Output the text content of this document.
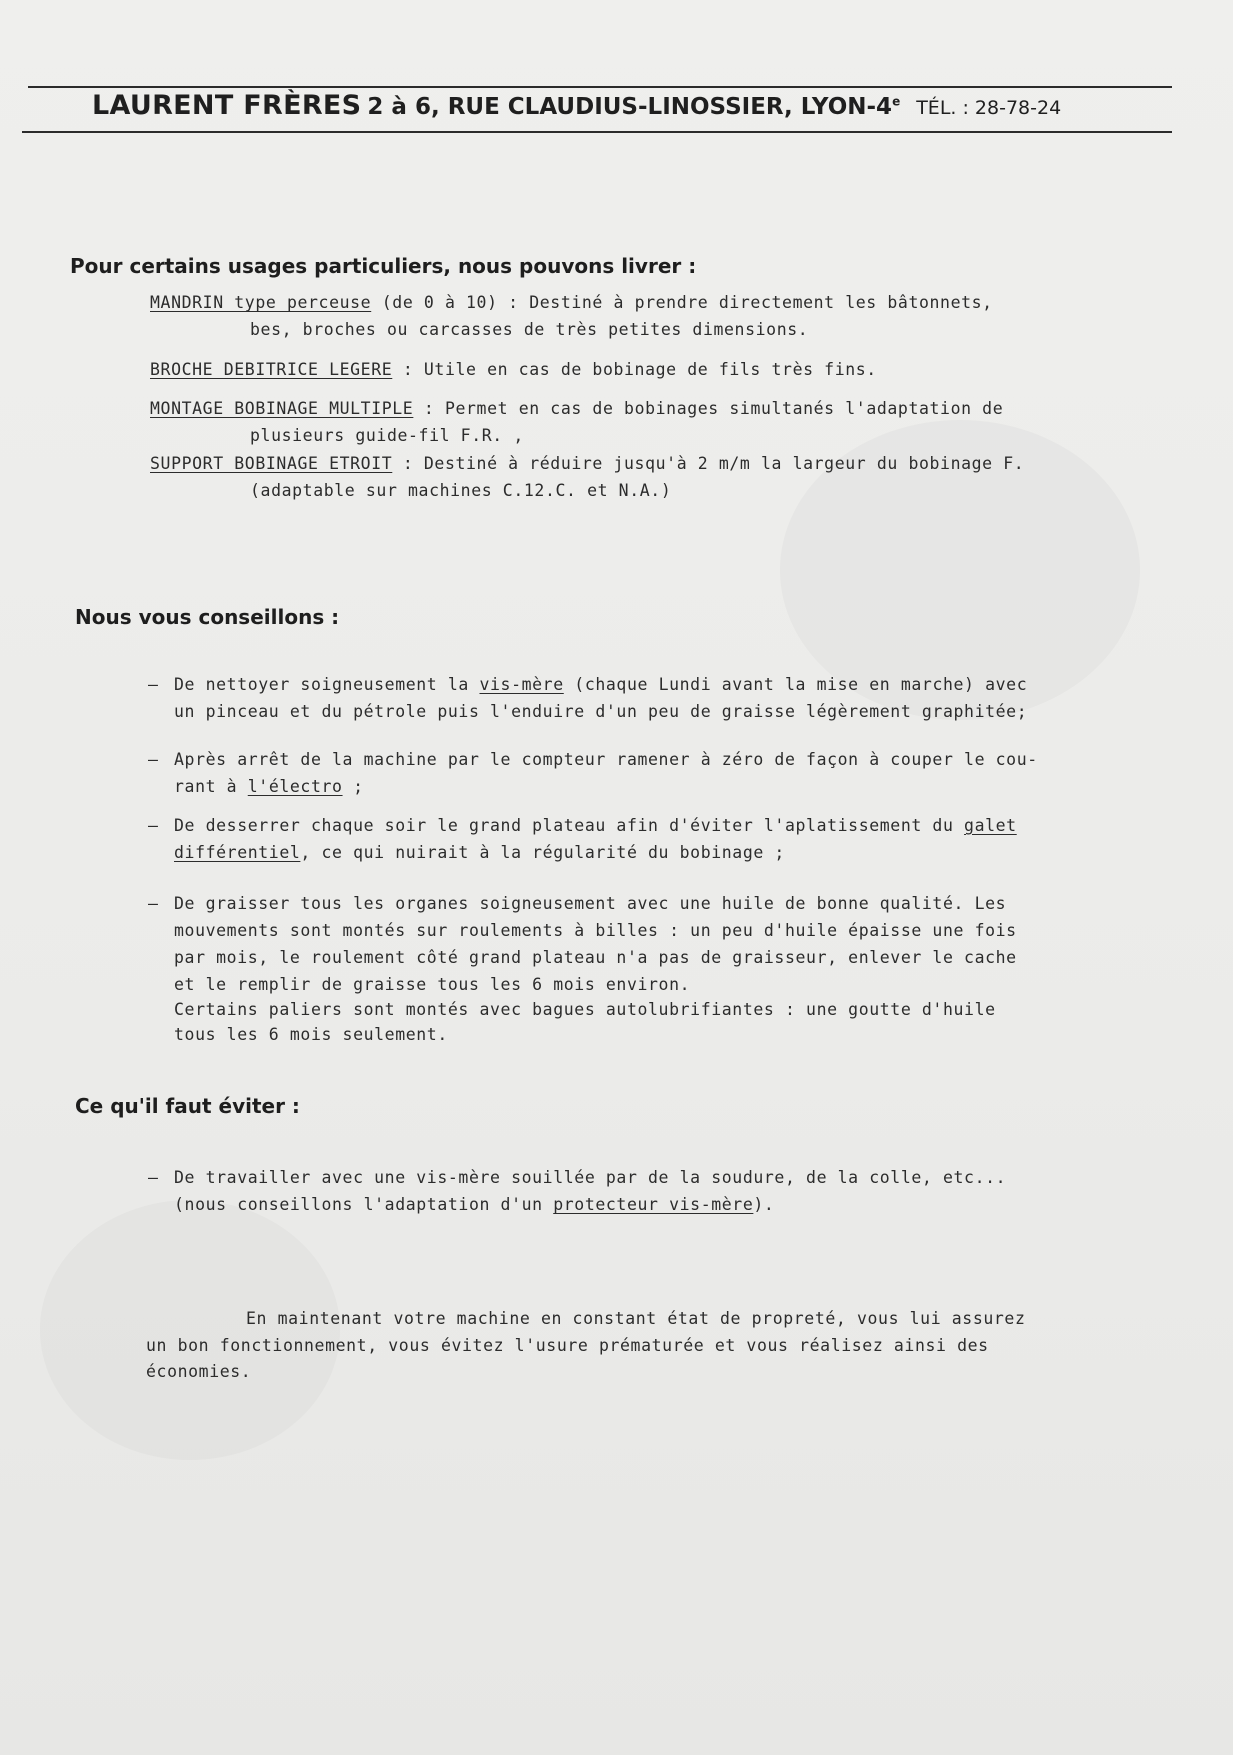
LAURENT FRÈRES 2 à 6, RUE CLAUDIUS-LINOSSIER, LYON-4e TÉL. : 28-78-24
Pour certains usages particuliers, nous pouvons livrer :
MANDRIN type perceuse (de 0 à 10) : Destiné à prendre directement les bâtonnets,
bes, broches ou carcasses de très petites dimensions.
BROCHE DEBITRICE LEGERE : Utile en cas de bobinage de fils très fins.
MONTAGE BOBINAGE MULTIPLE : Permet en cas de bobinages simultanés l'adaptation de
plusieurs guide-fil F.R. ,
SUPPORT BOBINAGE ETROIT : Destiné à réduire jusqu'à 2 m/m la largeur du bobinage F.
(adaptable sur machines C.12.C. et N.A.)
Nous vous conseillons :
– De nettoyer soigneusement la vis-mère (chaque Lundi avant la mise en marche) avec
un pinceau et du pétrole puis l'enduire d'un peu de graisse légèrement graphitée;
– Après arrêt de la machine par le compteur ramener à zéro de façon à couper le cou-
rant à l'électro ;
– De desserrer chaque soir le grand plateau afin d'éviter l'aplatissement du galet
différentiel, ce qui nuirait à la régularité du bobinage ;
– De graisser tous les organes soigneusement avec une huile de bonne qualité. Les
mouvements sont montés sur roulements à billes : un peu d'huile épaisse une fois
par mois, le roulement côté grand plateau n'a pas de graisseur, enlever le cache
et le remplir de graisse tous les 6 mois environ.
Certains paliers sont montés avec bagues autolubrifiantes : une goutte d'huile
tous les 6 mois seulement.
Ce qu'il faut éviter :
– De travailler avec une vis-mère souillée par de la soudure, de la colle, etc...
(nous conseillons l'adaptation d'un protecteur vis-mère).
En maintenant votre machine en constant état de propreté, vous lui assurez
un bon fonctionnement, vous évitez l'usure prématurée et vous réalisez ainsi des
économies.
